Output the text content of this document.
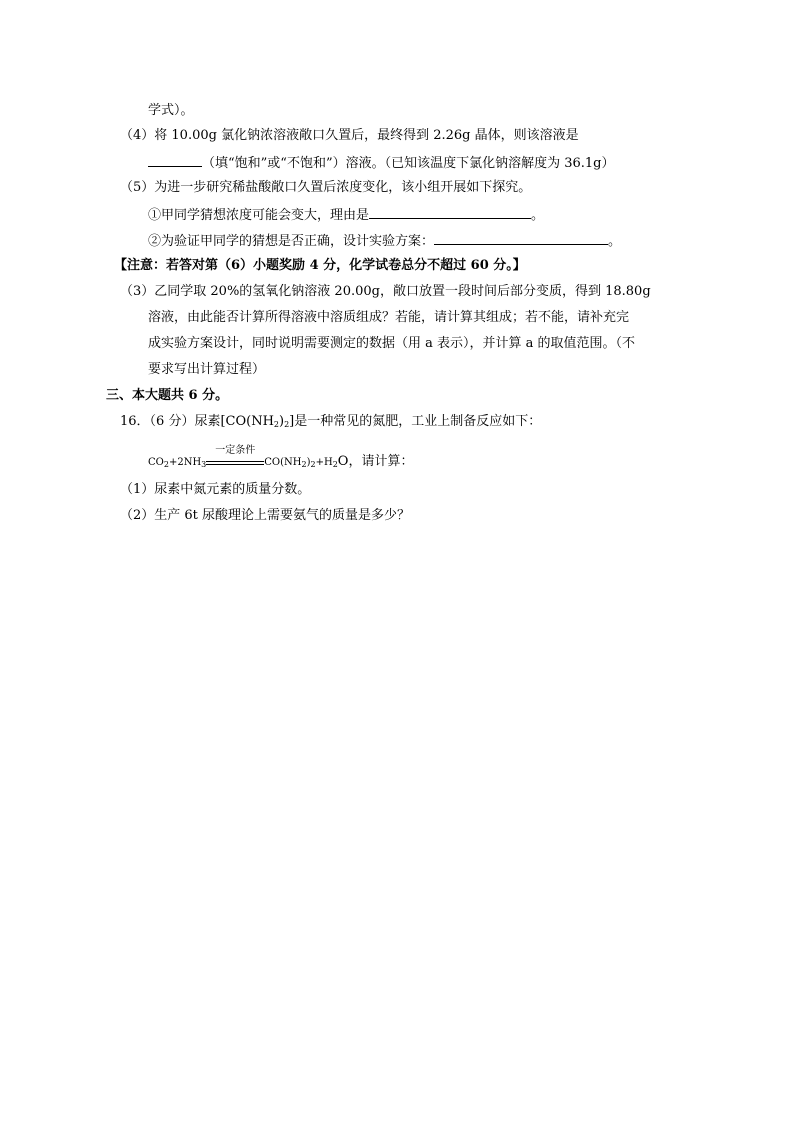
学式）。
（4）将 10.00g 氯化钠浓溶液敞口久置后，最终得到 2.26g 晶体，则该溶液是
（填“饱和”或“不饱和”）溶液。（已知该温度下氯化钠溶解度为 36.1g）
（5）为进一步研究稀盐酸敞口久置后浓度变化，该小组开展如下探究。
①甲同学猜想浓度可能会变大，理由是	。
②为验证甲同学的猜想是否正确，设计实验方案：	。
【注意：若答对第（6）小题奖励 4 分，化学试卷总分不超过 60 分。】
（3）乙同学取 20%的氢氧化钠溶液 20.00g，敞口放置一段时间后部分变质，得到 18.80g
溶液，由此能否计算所得溶液中溶质组成？若能，请计算其组成；若不能，请补充完
成实验方案设计，同时说明需要测定的数据（用 a 表示），并计算 a 的取值范围。（不
要求写出计算过程）
三、本大题共 6 分。
16．（6 分）尿素$[CO(NH_2)_2]$是一种常见的氮肥，工业上制备反应如下：
$CO_2+2NH_3$
一定条件
$CO(NH_2)_2+H_2O$，请计算：
（1）尿素中氮元素的质量分数。
（2）生产 6t 尿酸理论上需要氨气的质量是多少？
